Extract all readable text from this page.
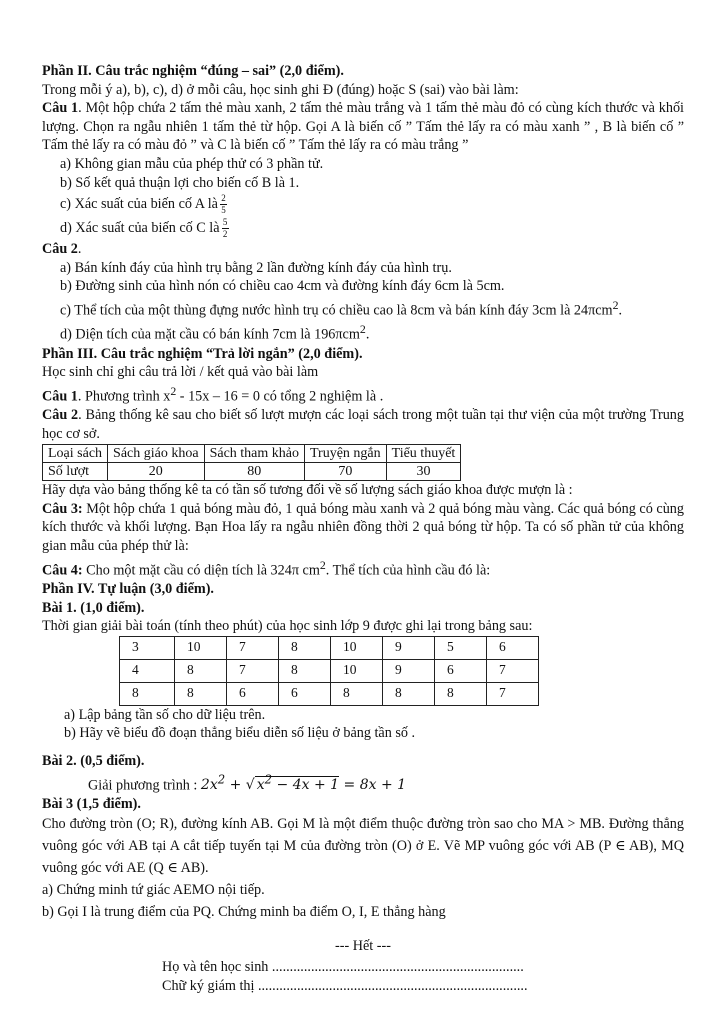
Phần II. Câu trắc nghiệm “đúng – sai” (2,0 điểm).

Trong mỗi ý a), b), c), d) ở mỗi câu, học sinh ghi Đ (đúng) hoặc S (sai) vào bài làm:

Câu 1. Một hộp chứa 2 tấm thẻ màu xanh, 2 tấm thẻ màu trắng và 1 tấm thẻ màu đỏ có cùng kích thước và khối lượng. Chọn ra ngẫu nhiên 1 tấm thẻ từ hộp. Gọi A là biến cố ” Tấm thẻ lấy ra có màu xanh ” , B là biến cố ” Tấm thẻ lấy ra có màu đỏ ” và C là biến cố ” Tấm thẻ lấy ra có màu trắng ”

a) Không gian mẫu của phép thử có 3 phần tử.

b) Số kết quả thuận lợi cho biến cố B là 1.

c) Xác suất của biến cố A là $\frac{2}{5}$

d) Xác suất của biến cố C là $\frac{5}{2}$

Câu 2.

a) Bán kính đáy của hình trụ bằng 2 lần đường kính đáy của hình trụ.

b) Đường sinh của hình nón có chiều cao 4cm và đường kính đáy 6cm là 5cm.

c) Thể tích của một thùng đựng nước hình trụ có chiều cao là 8cm và bán kính đáy 3cm là 24πcm$^2$.

d) Diện tích của mặt cầu có bán kính 7cm là 196πcm$^2$.

Phần III. Câu trắc nghiệm “Trả lời ngắn” (2,0 điểm).

Học sinh chỉ ghi câu trả lời / kết quả vào bài làm

Câu 1. Phương trình $x^2 - 15x - 16 = 0$ có tổng 2 nghiệm là .

Câu 2. Bảng thống kê sau cho biết số lượt mượn các loại sách trong một tuần tại thư viện của một trường Trung học cơ sở.

Loại sách	Sách giáo khoa	Sách tham khảo	Truyện ngắn	Tiểu thuyết
Số lượt	20	80	70	30

Hãy dựa vào bảng thống kê ta có tần số tương đối về số lượng sách giáo khoa được mượn là :

Câu 3: Một hộp chứa 1 quả bóng màu đỏ, 1 quả bóng màu xanh và 2 quả bóng màu vàng. Các quả bóng có cùng kích thước và khối lượng. Bạn Hoa lấy ra ngẫu nhiên đồng thời 2 quả bóng từ hộp. Ta có số phần tử của không gian mẫu của phép thử là:

Câu 4: Cho một mặt cầu có diện tích là 324π $cm^2$. Thể tích của hình cầu đó là:

Phần IV. Tự luận (3,0 điểm).

Bài 1. (1,0 điểm).

Thời gian giải bài toán (tính theo phút) của học sinh lớp 9 được ghi lại trong bảng sau:

3	10	7	8	10	9	5	6
4	8	7	8	10	9	6	7
8	8	6	6	8	8	8	7

a) Lập bảng tần số cho dữ liệu trên.

b) Hãy vẽ biểu đồ đoạn thẳng biểu diễn số liệu ở bảng tần số .

Bài 2. (0,5 điểm).

Giải phương trình : $2x^2$ + √ $x^2 - 4x + 1 = 8x + 1$

Bài 3 (1,5 điểm).

Cho đường tròn (O; R), đường kính AB. Gọi M là một điểm thuộc đường tròn sao cho MA > MB. Đường thẳng vuông góc với AB tại A cắt tiếp tuyến tại M của đường tròn (O) ở E. Vẽ MP vuông góc với AB (P ∈ AB), MQ vuông góc với AE (Q ∈ AB).

a) Chứng minh tứ giác AEMO nội tiếp.

b) Gọi I là trung điểm của PQ. Chứng minh ba điểm O, I, E thẳng hàng

--- Hết ---

Họ và tên học sinh .......................................................................

Chữ ký giám thị ............................................................................
